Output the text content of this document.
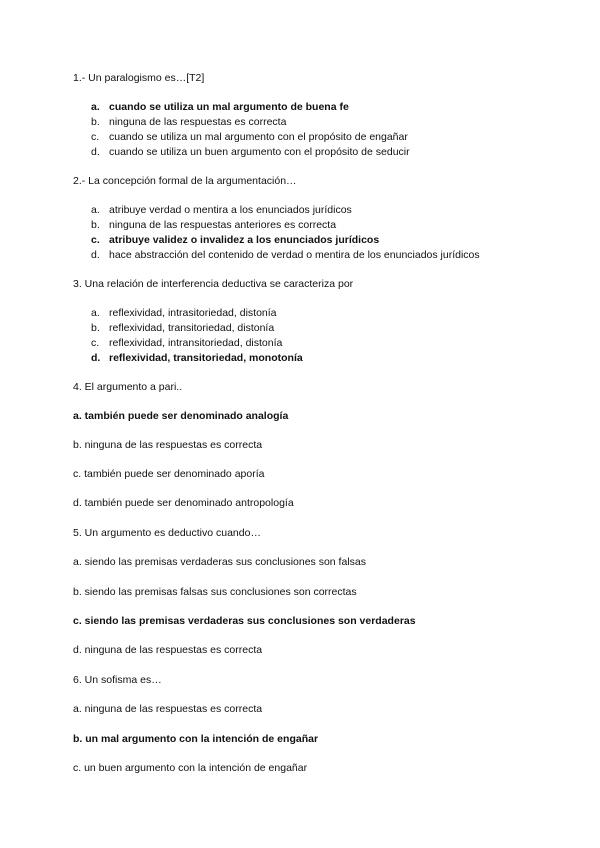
1.- Un paralogismo es…[T2]
a. cuando se utiliza un mal argumento de buena fe
b. ninguna de las respuestas es correcta
c. cuando se utiliza un mal argumento con el propósito de engañar
d. cuando se utiliza un buen argumento con el propósito de seducir
2.- La concepción formal de la argumentación…
a. atribuye verdad o mentira a los enunciados jurídicos
b. ninguna de las respuestas anteriores es correcta
c. atribuye validez o invalidez a los enunciados jurídicos
d. hace abstracción del contenido de verdad o mentira de los enunciados jurídicos
3. Una relación de interferencia deductiva se caracteriza por
a. reflexividad, intrasitoriedad, distonía
b. reflexividad, transitoriedad, distonía
c. reflexividad, intransitoriedad, distonía
d. reflexividad, transitoriedad, monotonía
4. El argumento a pari..
a. también puede ser denominado analogía
b. ninguna de las respuestas es correcta
c. también puede ser denominado aporía
d. también puede ser denominado antropología
5. Un argumento es deductivo cuando…
a. siendo las premisas verdaderas sus conclusiones son falsas
b. siendo las premisas falsas sus conclusiones son correctas
c. siendo las premisas verdaderas sus conclusiones son verdaderas
d. ninguna de las respuestas es correcta
6. Un sofisma es…
a. ninguna de las respuestas es correcta
b. un mal argumento con la intención de engañar
c. un buen argumento con la intención de engañar
